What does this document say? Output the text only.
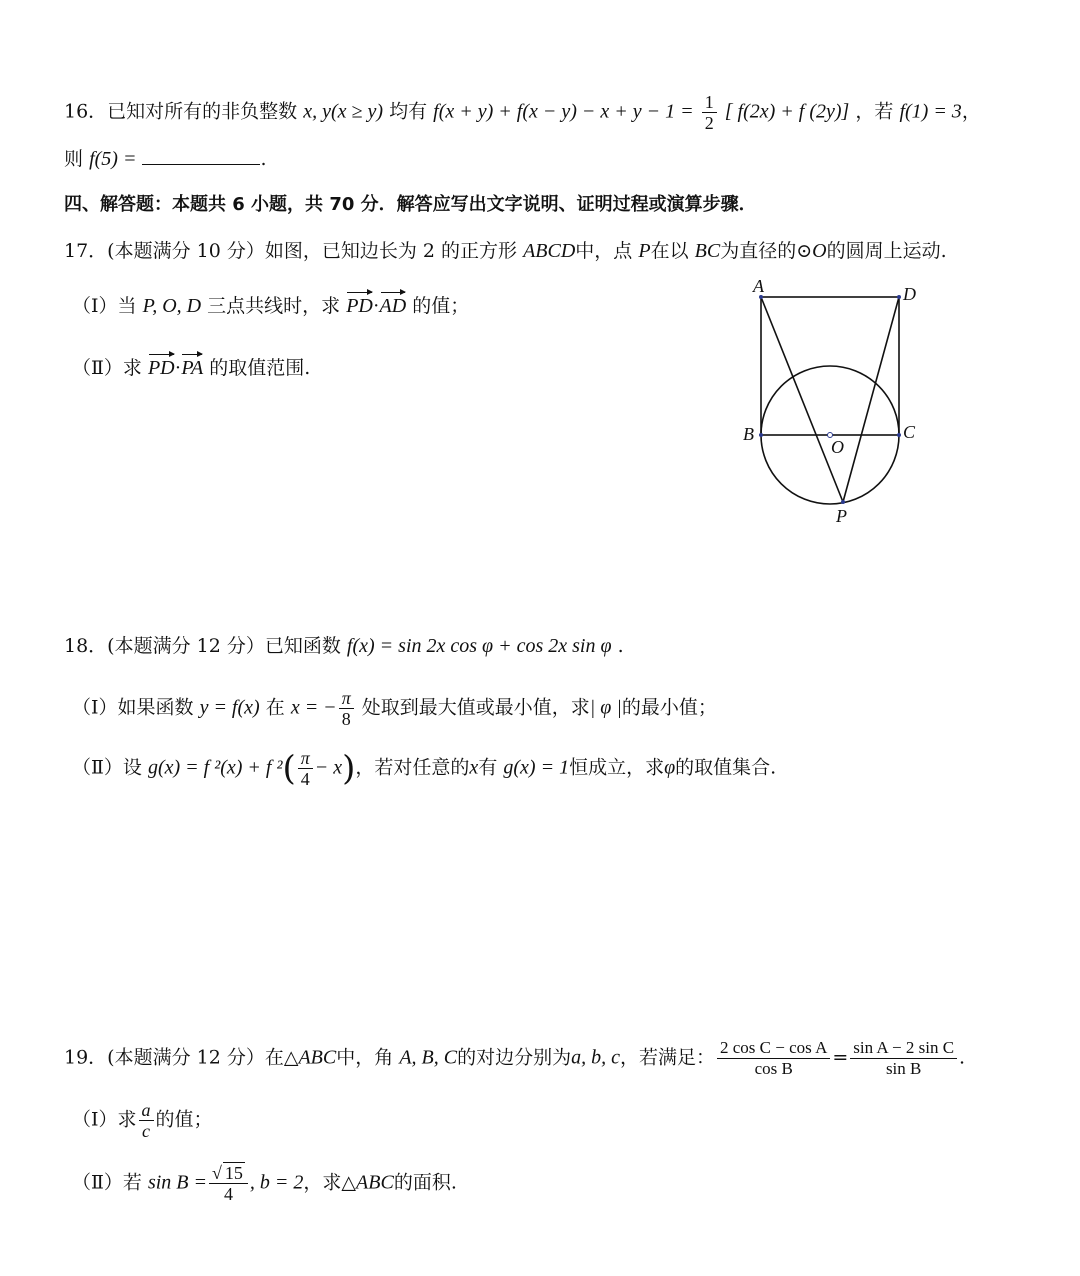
16．已知对所有的非负整数 x, y(x ≥ y) 均有 $f(x + y) + f(x - y) - x + y - 1 = \frac{1}{2}$ [ f(2x) + f (2y)] ，若 f(1) = 3，
则 f(5) =	.
四、解答题：本题共 6 小题，共 70 分．解答应写出文字说明、证明过程或演算步骤．
17．(本题满分 10 分）如图，已知边长为 2 的正方形 ABCD中，点 P在以 BC为直径的⊙O的圆周上运动.
（Ⅰ）当 P, O, D 三点共线时，求 PD·AD 的值；
（Ⅱ）求 PD·PA 的取值范围.
A	D
B	C
O
P
18．(本题满分 12 分）已知函数 f(x) = sin 2x cos φ + cos 2x sin φ .
（Ⅰ）如果函数 y = f(x) 在 x = − $\frac{\pi}{8}$ 处取到最大值或最小值，求| φ |的最小值；
（Ⅱ）设 g(x) = f ²(x) + f $^2( \frac{\pi}{4} - x)$，若对任意的x有 g(x) = 1恒成立，求φ的取值集合.
19．(本题满分 12 分）在△ABC中，角 A, B, C的对边分别为a, b, c，若满足： $\frac{\text{2 cos C − cos A}}{\text{cos B}} = \frac{\text{sin A − 2 sin C}}{\text{sin B}}$ .
（Ⅰ）求 $\frac{a}{c}$ 的值；
（Ⅱ）若 $\sin B = \frac{√ 15}{4}$ , b = 2，求△ABC的面积.
